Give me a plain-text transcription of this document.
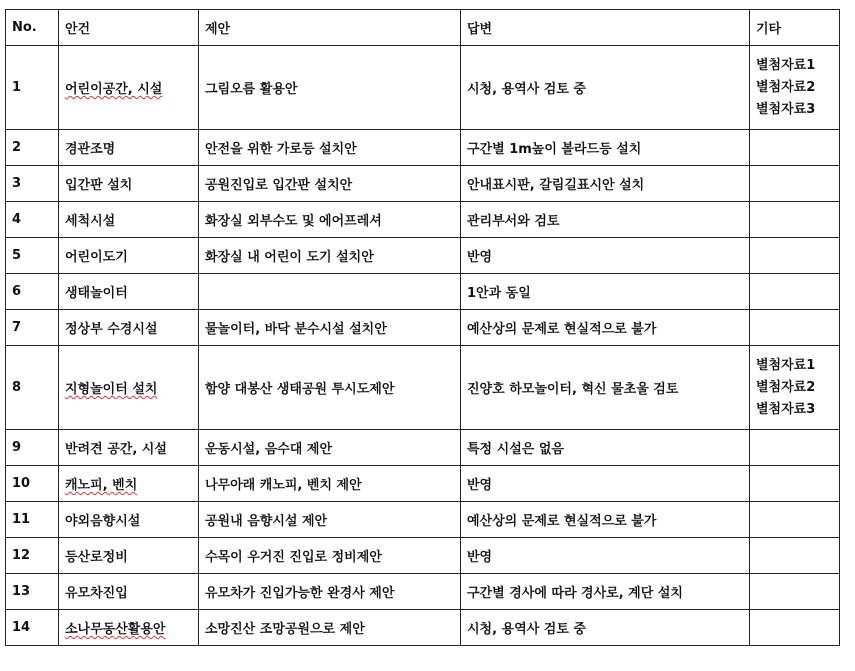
No.	안건	제안	답변	기타
1	어린이공간, 시설	그림오름 활용안	시청, 용역사 검토 중	별첨자료1
별첨자료2
별첨자료3

2	경관조명	안전을 위한 가로등 설치안	구간별 1m높이 볼라드등 설치	
3	입간판 설치	공원진입로 입간판 설치안	안내표시판, 갈림길표시안 설치	
4	세척시설	화장실 외부수도 및 에어프레셔	관리부서와 검토	
5	어린이도기	화장실 내 어린이 도기 설치안	반영	
6	생태놀이터		1안과 동일	
7	정상부 수경시설	물놀이터, 바닥 분수시설 설치안	예산상의 문제로 현실적으로 불가	
8	지형놀이터 설치	함양 대봉산 생태공원 투시도제안	진양호 하모놀이터, 혁신 물초울 검토	별첨자료1
별첨자료2
별첨자료3

9	반려견 공간, 시설	운동시설, 음수대 제안	특정 시설은 없음	
10	캐노피, 벤치	나무아래 캐노피, 벤치 제안	반영	
11	야외음향시설	공원내 음향시설 제안	예산상의 문제로 현실적으로 불가	
12	등산로정비	수목이 우거진 진입로 정비제안	반영	
13	유모차진입	유모차가 진입가능한 완경사 제안	구간별 경사에 따라 경사로, 계단 설치	
14	소나무동산활용안	소망진산 조망공원으로 제안	시청, 용역사 검토 중	
